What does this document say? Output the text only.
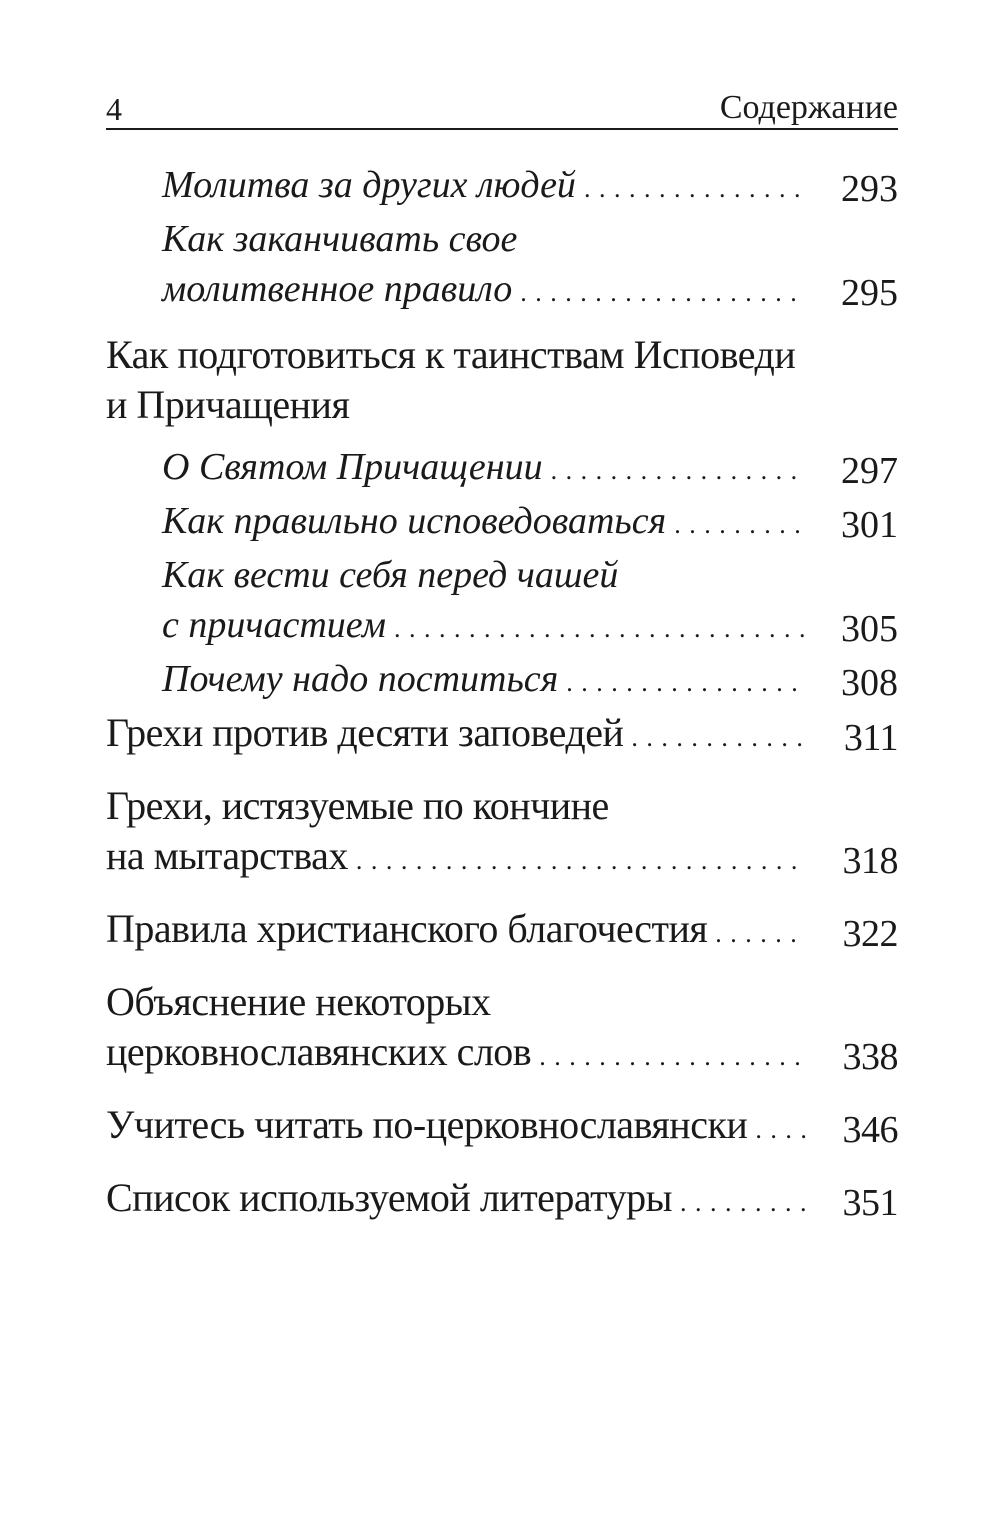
4	Содержание
Молитва за других людей . . .	293
Как заканчивать свое
молитвенное правило . . .	295
Как подготовиться к таинствам Исповеди
и Причащения
О Святом Причащении . . .	297
Как правильно исповедоваться . . .	301
Как вести себя перед чашей
с причастием . . .	305
Почему надо поститься . . .	308
Грехи против десяти заповедей . . .	311
Грехи, истязуемые по кончине
на мытарствах . . .	318
Правила христианского благочестия . . .	322
Объяснение некоторых
церковнославянских слов . . .	338
Учитесь читать по-церковнославянски . . .	346
Список используемой литературы . . .	351
